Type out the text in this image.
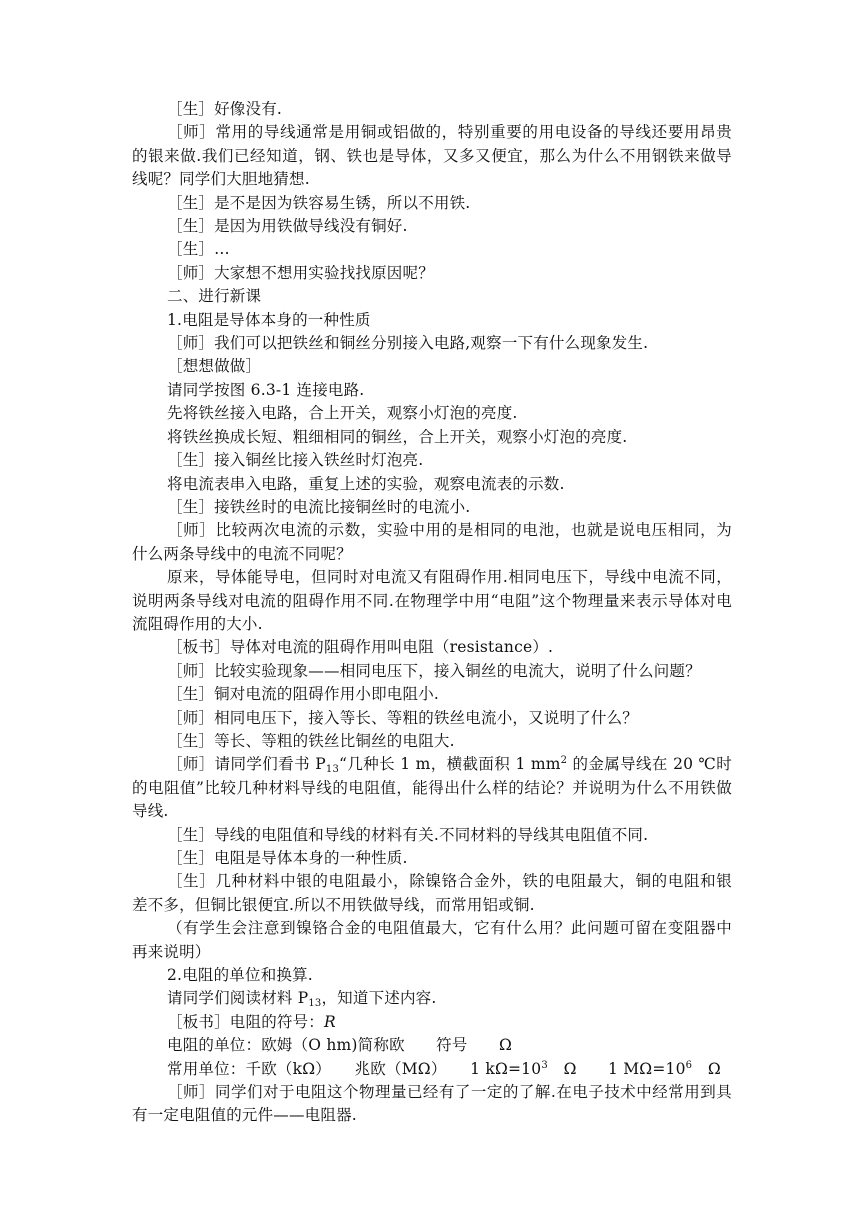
［生］好像没有.

［师］常用的导线通常是用铜或铝做的，特别重要的用电设备的导线还要用昂贵的银来做.我们已经知道，钢、铁也是导体，又多又便宜，那么为什么不用钢铁来做导线呢？同学们大胆地猜想.

［生］是不是因为铁容易生锈，所以不用铁.

［生］是因为用铁做导线没有铜好.

［生］…

［师］大家想不想用实验找找原因呢？

二、进行新课

1.电阻是导体本身的一种性质

［师］我们可以把铁丝和铜丝分别接入电路,观察一下有什么现象发生.

［想想做做］

请同学按图 6.3-1 连接电路.

先将铁丝接入电路，合上开关，观察小灯泡的亮度.

将铁丝换成长短、粗细相同的铜丝，合上开关，观察小灯泡的亮度.

［生］接入铜丝比接入铁丝时灯泡亮.

将电流表串入电路，重复上述的实验，观察电流表的示数.

［生］接铁丝时的电流比接铜丝时的电流小.

［师］比较两次电流的示数，实验中用的是相同的电池，也就是说电压相同，为什么两条导线中的电流不同呢？

原来，导体能导电，但同时对电流又有阻碍作用.相同电压下，导线中电流不同，说明两条导线对电流的阻碍作用不同.在物理学中用“电阻”这个物理量来表示导体对电流阻碍作用的大小.

［板书］导体对电流的阻碍作用叫电阻（resistance）.

［师］比较实验现象——相同电压下，接入铜丝的电流大，说明了什么问题？

［生］铜对电流的阻碍作用小即电阻小.

［师］相同电压下，接入等长、等粗的铁丝电流小，又说明了什么？

［生］等长、等粗的铁丝比铜丝的电阻大.

［师］请同学们看书 $P_{13}“$几种长 1 m，横截面积 1 $mm^2$ 的金属导线在 20 ℃时的电阻值”比较几种材料导线的电阻值，能得出什么样的结论？并说明为什么不用铁做导线.

［生］导线的电阻值和导线的材料有关.不同材料的导线其电阻值不同.

［生］电阻是导体本身的一种性质.

［生］几种材料中银的电阻最小，除镍铬合金外，铁的电阻最大，铜的电阻和银差不多，但铜比银便宜.所以不用铁做导线，而常用铝或铜.

（有学生会注意到镍铬合金的电阻值最大，它有什么用？此问题可留在变阻器中再来说明）

2.电阻的单位和换算.

请同学们阅读材料 $P_{13}$，知道下述内容.

［板书］电阻的符号：R

电阻的单位：欧姆（O hm)简称欧　　符号　　Ω

常用单位：千欧（kΩ）　　兆欧（MΩ）　　1 $k\Omega=10^3$　Ω　　1 $M\Omega=10^6$　Ω

［师］同学们对于电阻这个物理量已经有了一定的了解.在电子技术中经常用到具有一定电阻值的元件——电阻器.
